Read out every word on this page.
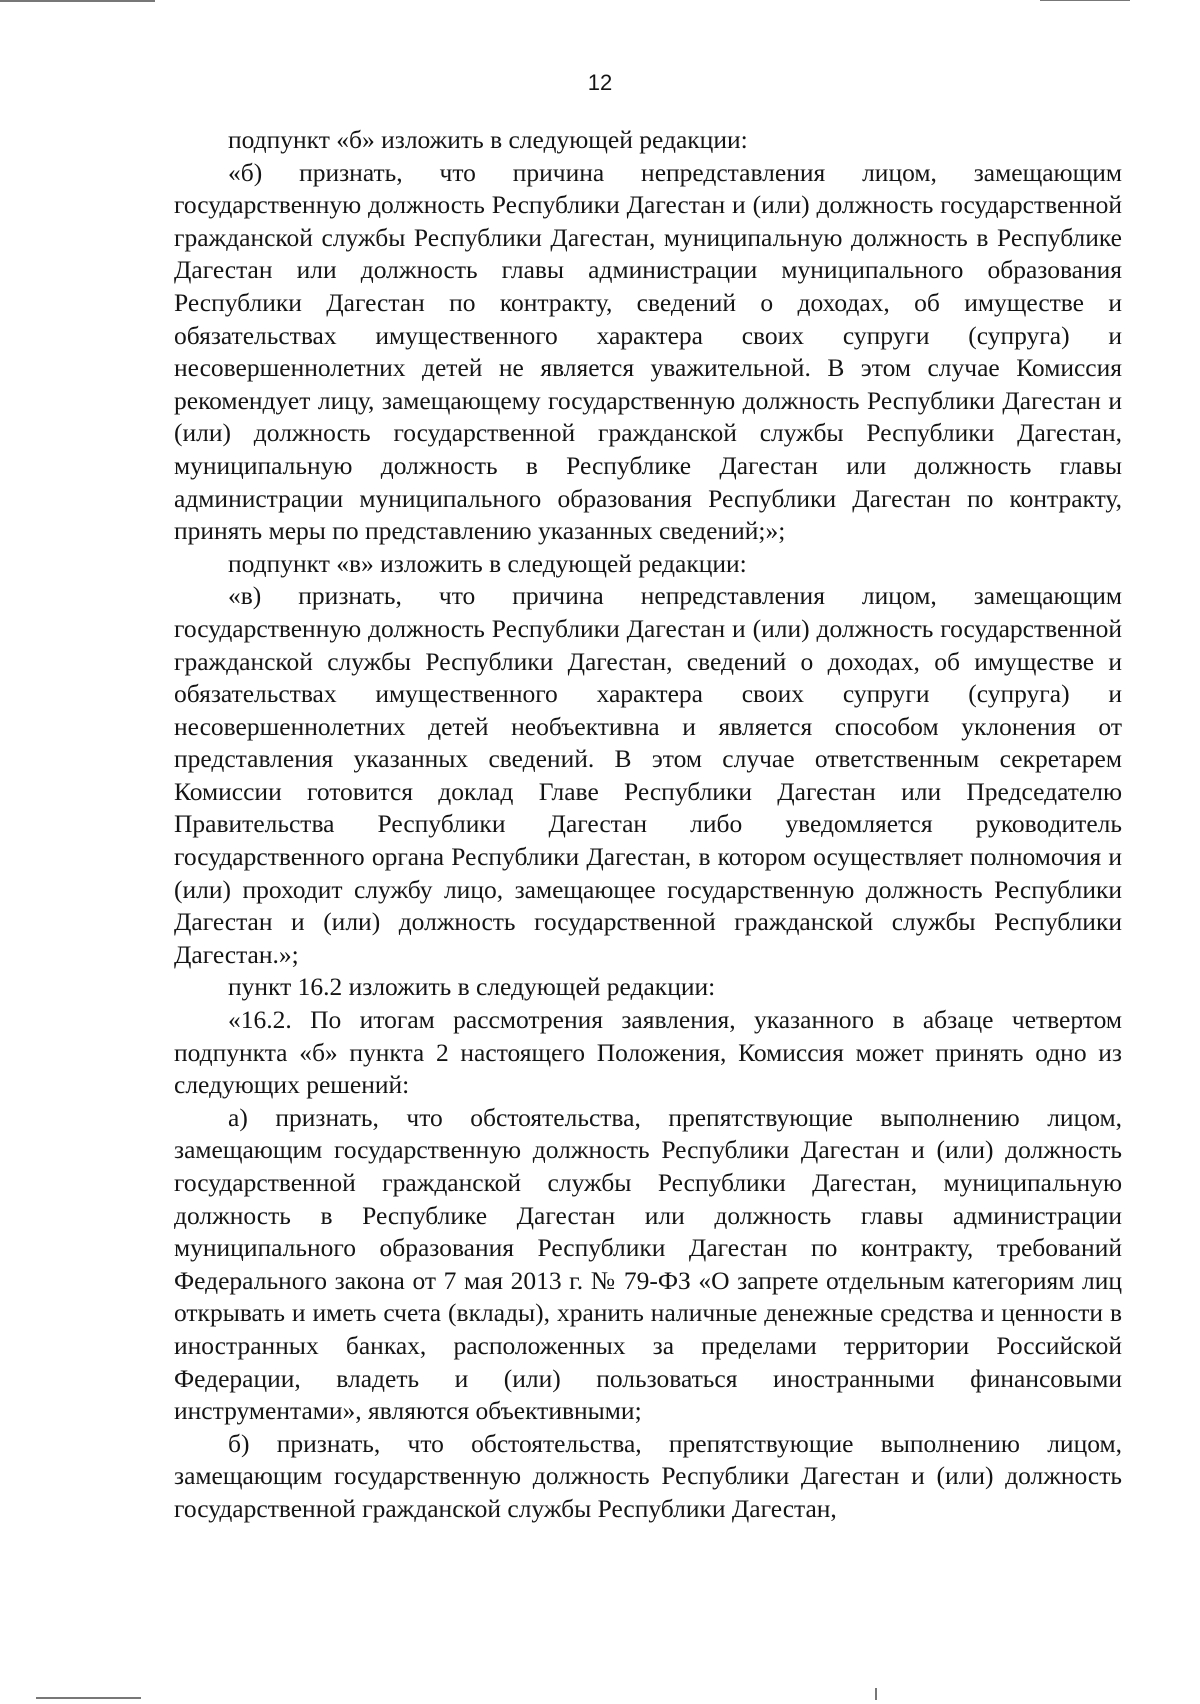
12

подпункт «б» изложить в следующей редакции:

«б) признать, что причина непредставления лицом, замещающим государственную должность Республики Дагестан и (или) должность государственной гражданской службы Республики Дагестан, муниципальную должность в Республике Дагестан или должность главы администрации муниципального образования Республики Дагестан по контракту, сведений о доходах, об имуществе и обязательствах имущественного характера своих супруги (супруга) и несовершеннолетних детей не является уважительной. В этом случае Комиссия рекомендует лицу, замещающему государственную должность Республики Дагестан и (или) должность государственной гражданской службы Республики Дагестан, муниципальную должность в Республике Дагестан или должность главы администрации муниципального образования Республики Дагестан по контракту, принять меры по представлению указанных сведений;»;

подпункт «в» изложить в следующей редакции:

«в) признать, что причина непредставления лицом, замещающим государственную должность Республики Дагестан и (или) должность государственной гражданской службы Республики Дагестан, сведений о доходах, об имуществе и обязательствах имущественного характера своих супруги (супруга) и несовершеннолетних детей необъективна и является способом уклонения от представления указанных сведений. В этом случае ответственным секретарем Комиссии готовится доклад Главе Республики Дагестан или Председателю Правительства Республики Дагестан либо уведомляется руководитель государственного органа Республики Дагестан, в котором осуществляет полномочия и (или) проходит службу лицо, замещающее государственную должность Республики Дагестан и (или) должность государственной гражданской службы Республики Дагестан.»;

пункт 16.2 изложить в следующей редакции:

«16.2. По итогам рассмотрения заявления, указанного в абзаце четвертом подпункта «б» пункта 2 настоящего Положения, Комиссия может принять одно из следующих решений:

а) признать, что обстоятельства, препятствующие выполнению лицом, замещающим государственную должность Республики Дагестан и (или) должность государственной гражданской службы Республики Дагестан, муниципальную должность в Республике Дагестан или должность главы администрации муниципального образования Республики Дагестан по контракту, требований Федерального закона от 7 мая 2013 г. № 79-ФЗ «О запрете отдельным категориям лиц открывать и иметь счета (вклады), хранить наличные денежные средства и ценности в иностранных банках, расположенных за пределами территории Российской Федерации, владеть и (или) пользоваться иностранными финансовыми инструментами», являются объективными;

б) признать, что обстоятельства, препятствующие выполнению лицом, замещающим государственную должность Республики Дагестан и (или) должность государственной гражданской службы Республики Дагестан,
